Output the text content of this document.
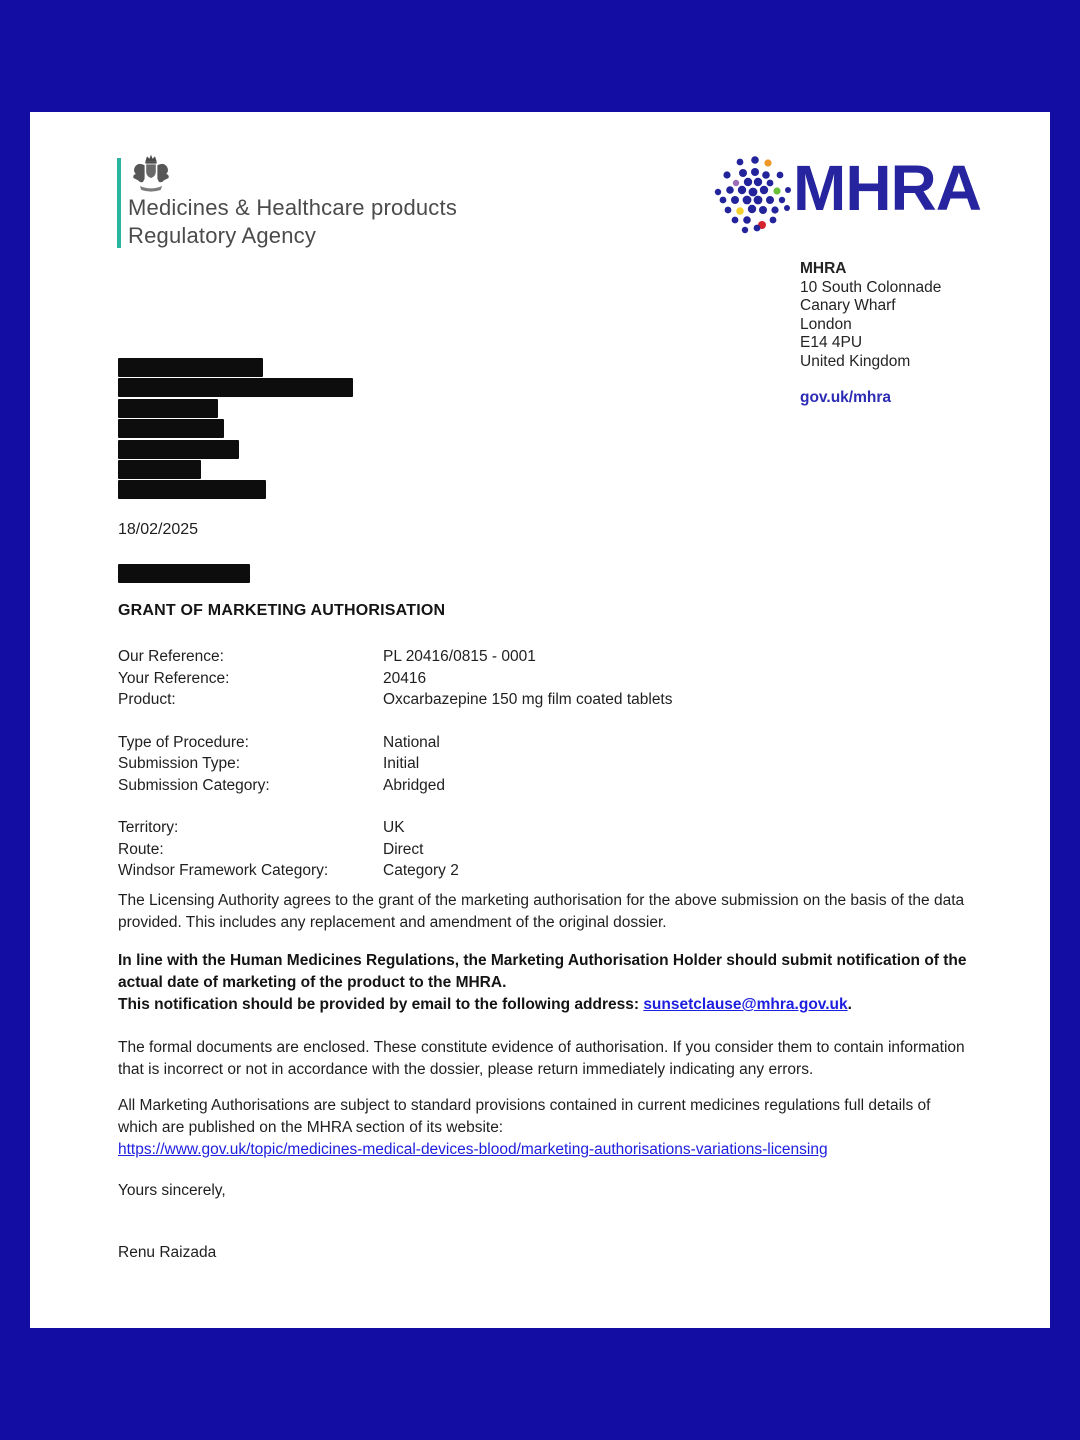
Medicines & Healthcare products
Regulatory Agency
MHRA
MHRA
10 South Colonnade
Canary Wharf
London
E14 4PU
United Kingdom
gov.uk/mhra
18/02/2025
GRANT OF MARKETING AUTHORISATION
Our Reference:	PL 20416/0815 - 0001
Your Reference:	20416
Product:	Oxcarbazepine 150 mg film coated tablets
Type of Procedure:	National
Submission Type:	Initial
Submission Category:	Abridged
Territory:	UK
Route:	Direct
Windsor Framework Category:	Category 2

The Licensing Authority agrees to the grant of the marketing authorisation for the above submission on the basis of the data provided. This includes any replacement and amendment of the original dossier.

In line with the Human Medicines Regulations, the Marketing Authorisation Holder should submit notification of the actual date of marketing of the product to the MHRA.
This notification should be provided by email to the following address: sunsetclause@mhra.gov.uk.

The formal documents are enclosed. These constitute evidence of authorisation. If you consider them to contain information that is incorrect or not in accordance with the dossier, please return immediately indicating any errors.

All Marketing Authorisations are subject to standard provisions contained in current medicines regulations full details of which are published on the MHRA section of its website:
https://www.gov.uk/topic/medicines-medical-devices-blood/marketing-authorisations-variations-licensing

Yours sincerely,

Renu Raizada
